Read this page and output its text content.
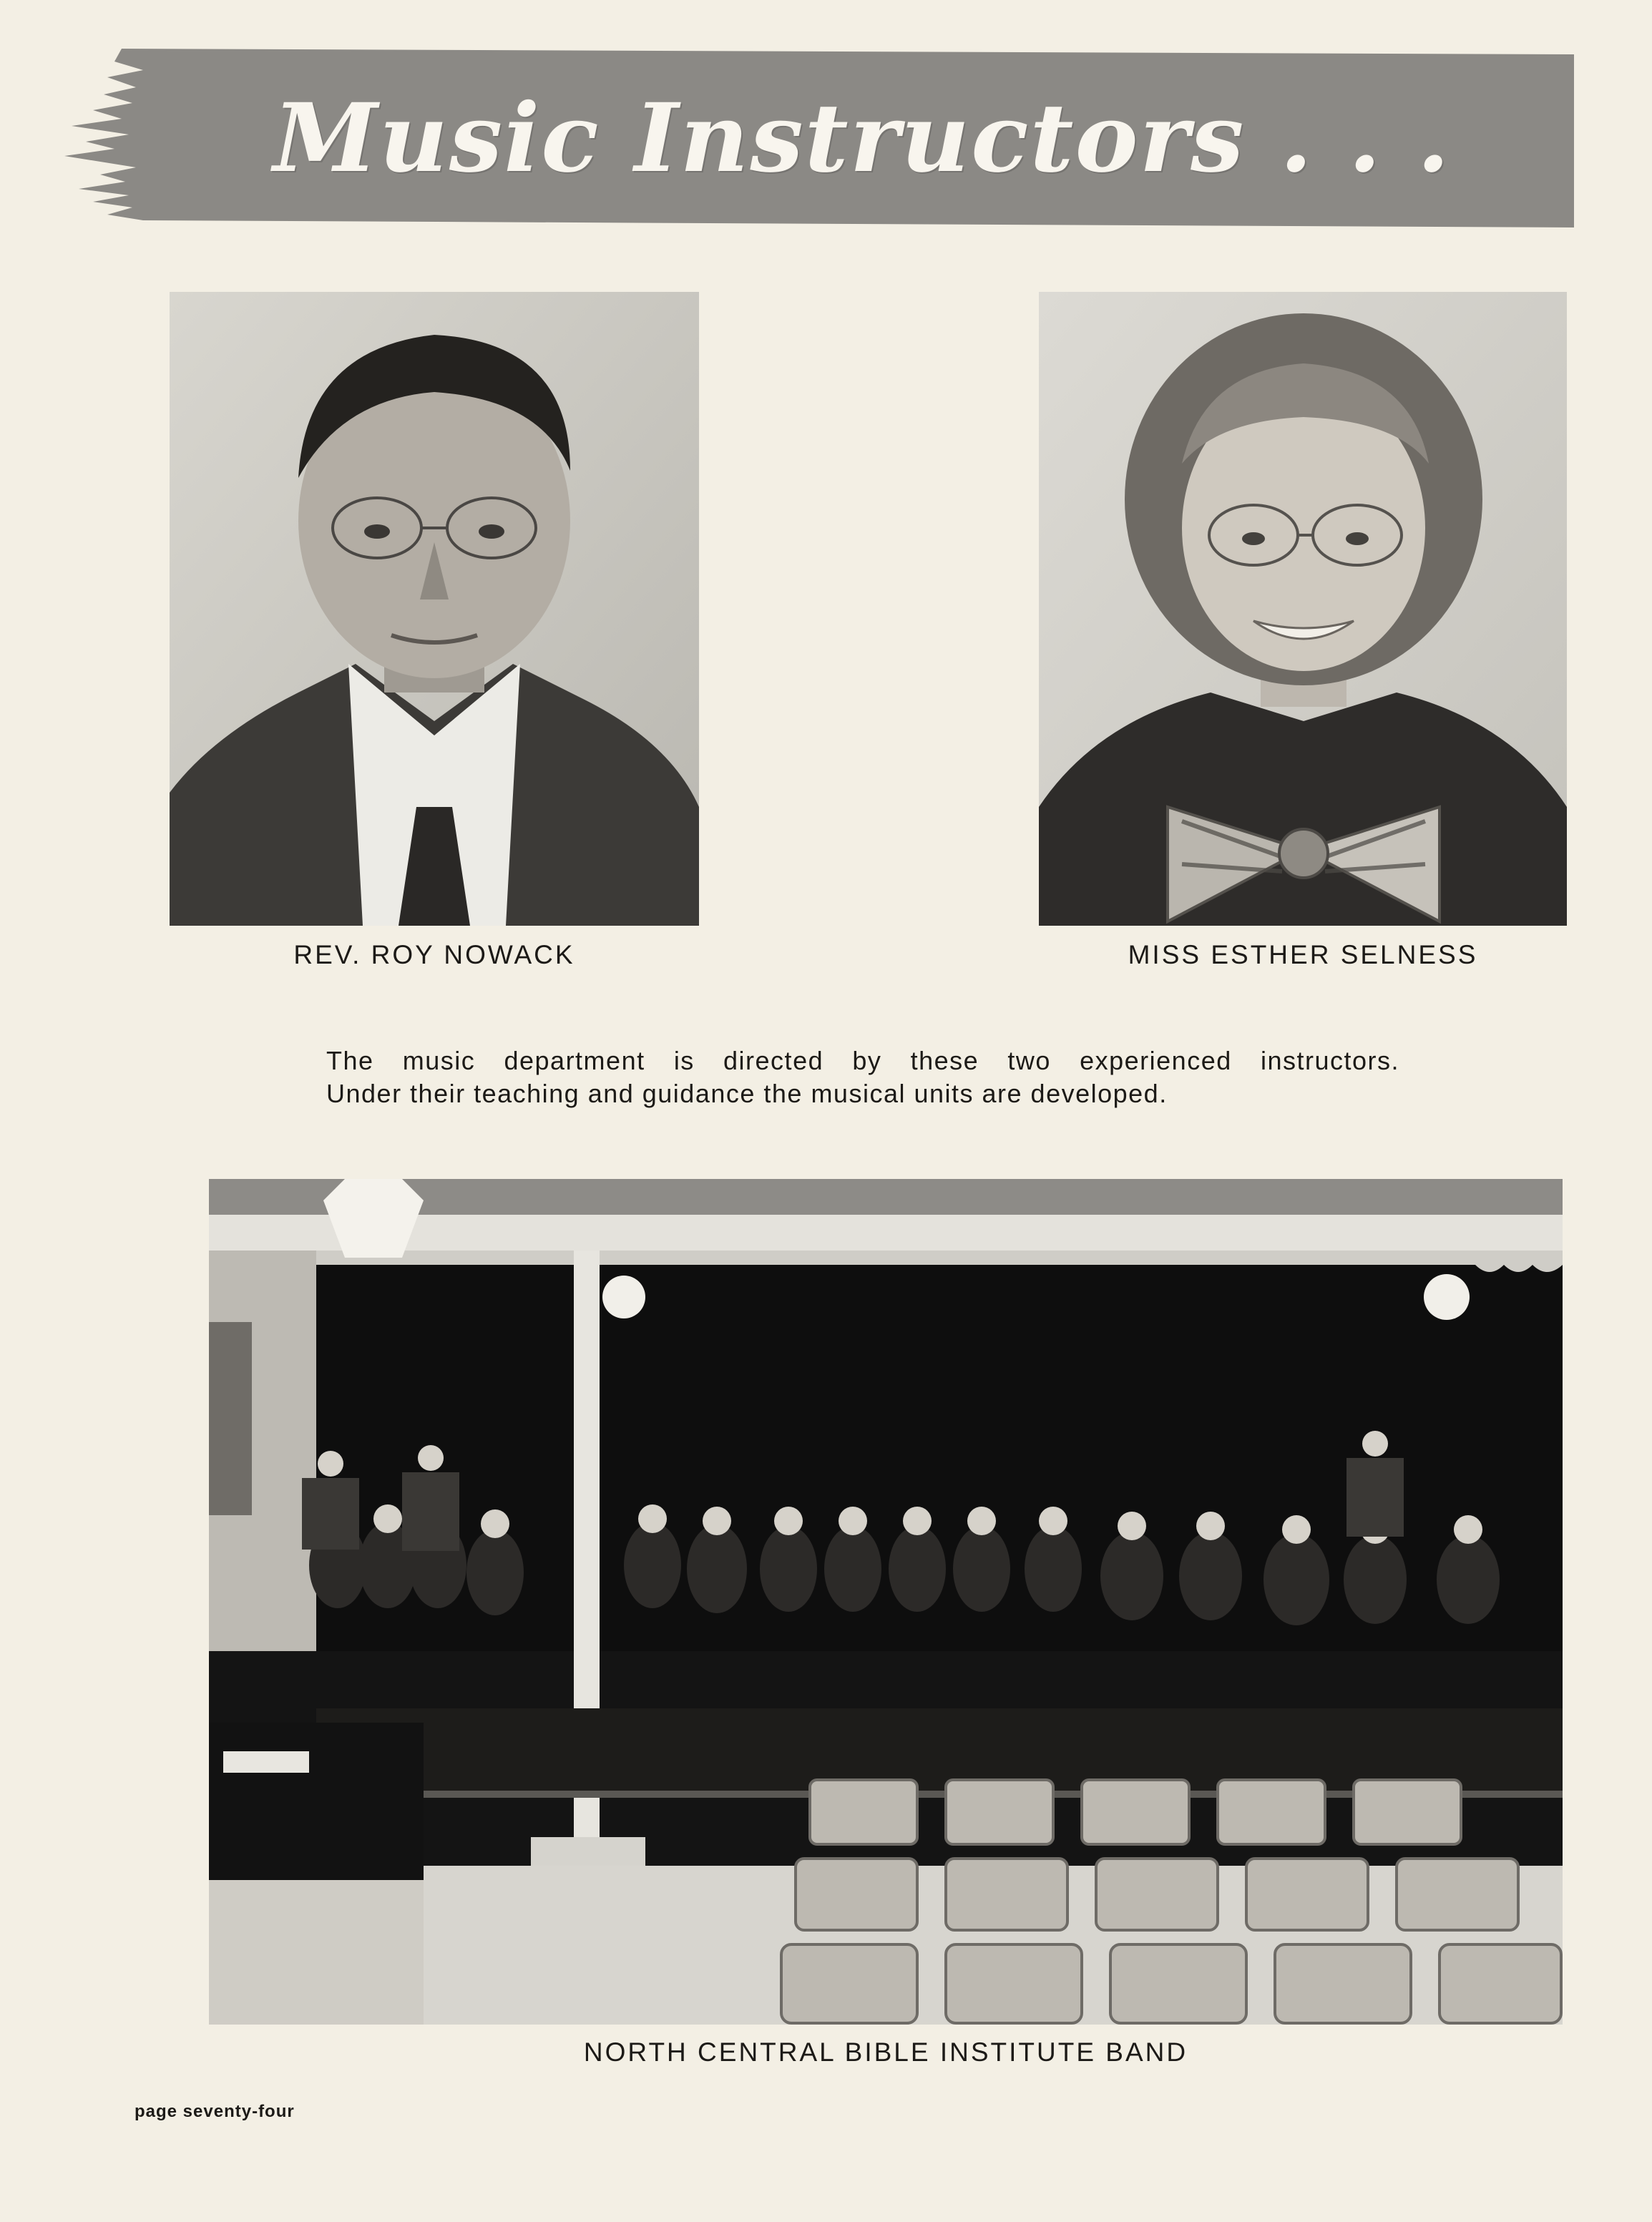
Music Instructors . . .
REV. ROY NOWACK	MISS ESTHER SELNESS
The music department is directed by these two experienced instructors.
Under their teaching and guidance the musical units are developed.
NORTH CENTRAL BIBLE INSTITUTE BAND
page seventy-four
